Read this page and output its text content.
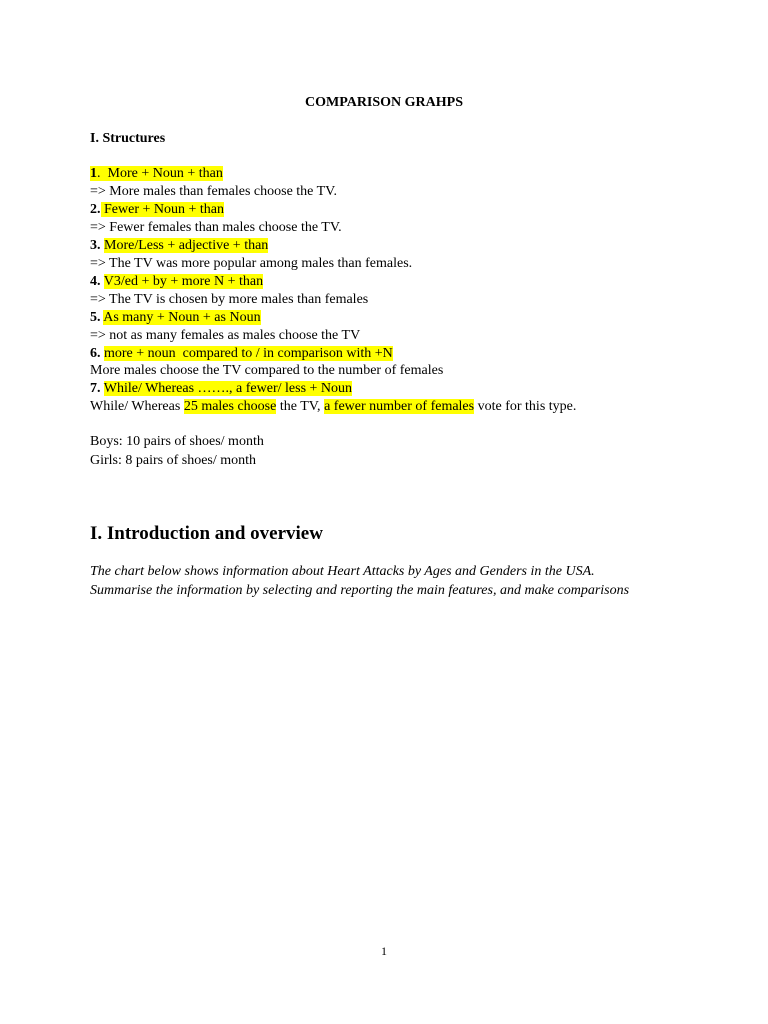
COMPARISON GRAHPS
I. Structures
1.  More + Noun + than
=> More males than females choose the TV.
2. Fewer + Noun + than
=> Fewer females than males choose the TV.
3. More/Less + adjective + than
=> The TV was more popular among males than females.
4. V3/ed + by + more N + than
=> The TV is chosen by more males than females
5. As many + Noun + as Noun
=> not as many females as males choose the TV
6. more + noun  compared to / in comparison with +N
More males choose the TV compared to the number of females
7. While/ Whereas ……., a fewer/ less + Noun
While/ Whereas 25 males choose the TV, a fewer number of females vote for this type.
Boys: 10 pairs of shoes/ month
Girls: 8 pairs of shoes/ month
I. Introduction and overview
The chart below shows information about Heart Attacks by Ages and Genders in the USA.
Summarise the information by selecting and reporting the main features, and make comparisons
1
